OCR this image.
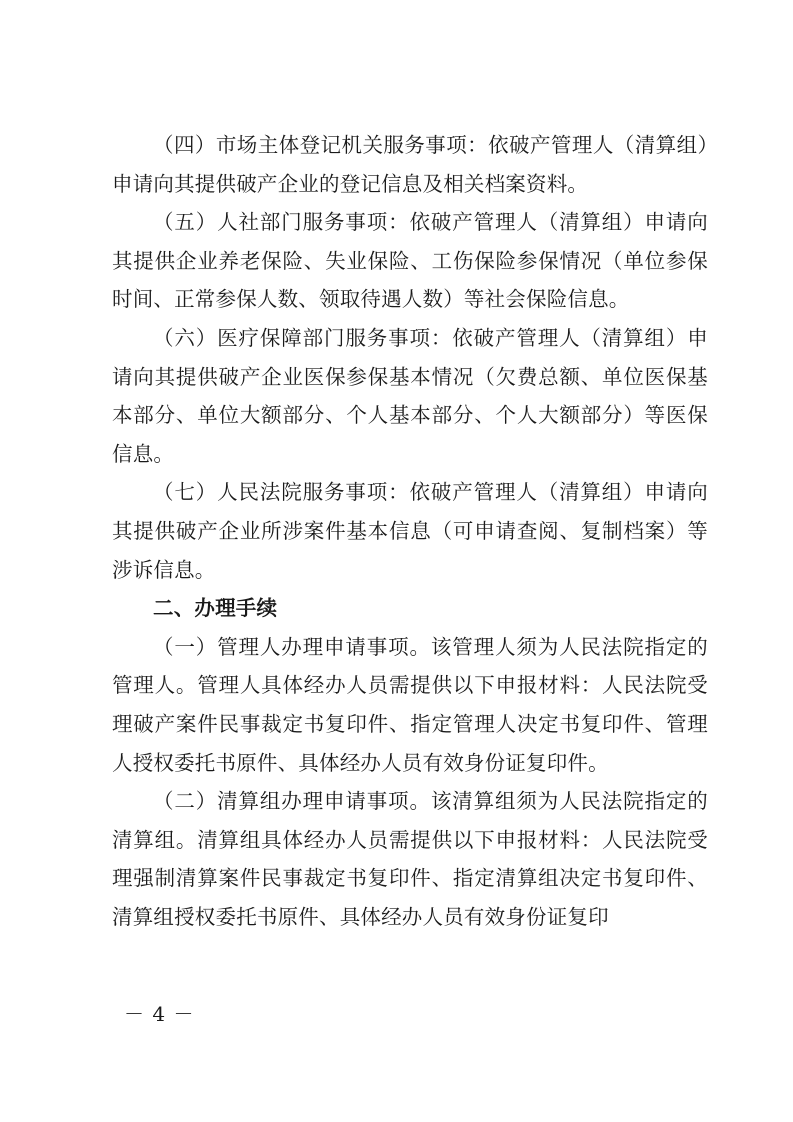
（四）市场主体登记机关服务事项：依破产管理人（清算组）申请向其提供破产企业的登记信息及相关档案资料。

（五）人社部门服务事项：依破产管理人（清算组）申请向其提供企业养老保险、失业保险、工伤保险参保情况（单位参保时间、正常参保人数、领取待遇人数）等社会保险信息。

（六）医疗保障部门服务事项：依破产管理人（清算组）申请向其提供破产企业医保参保基本情况（欠费总额、单位医保基本部分、单位大额部分、个人基本部分、个人大额部分）等医保信息。

（七）人民法院服务事项：依破产管理人（清算组）申请向其提供破产企业所涉案件基本信息（可申请查阅、复制档案）等涉诉信息。

二、办理手续

（一）管理人办理申请事项。该管理人须为人民法院指定的管理人。管理人具体经办人员需提供以下申报材料：人民法院受理破产案件民事裁定书复印件、指定管理人决定书复印件、管理人授权委托书原件、具体经办人员有效身份证复印件。

（二）清算组办理申请事项。该清算组须为人民法院指定的清算组。清算组具体经办人员需提供以下申报材料：人民法院受理强制清算案件民事裁定书复印件、指定清算组决定书复印件、清算组授权委托书原件、具体经办人员有效身份证复印

－ 4 －
